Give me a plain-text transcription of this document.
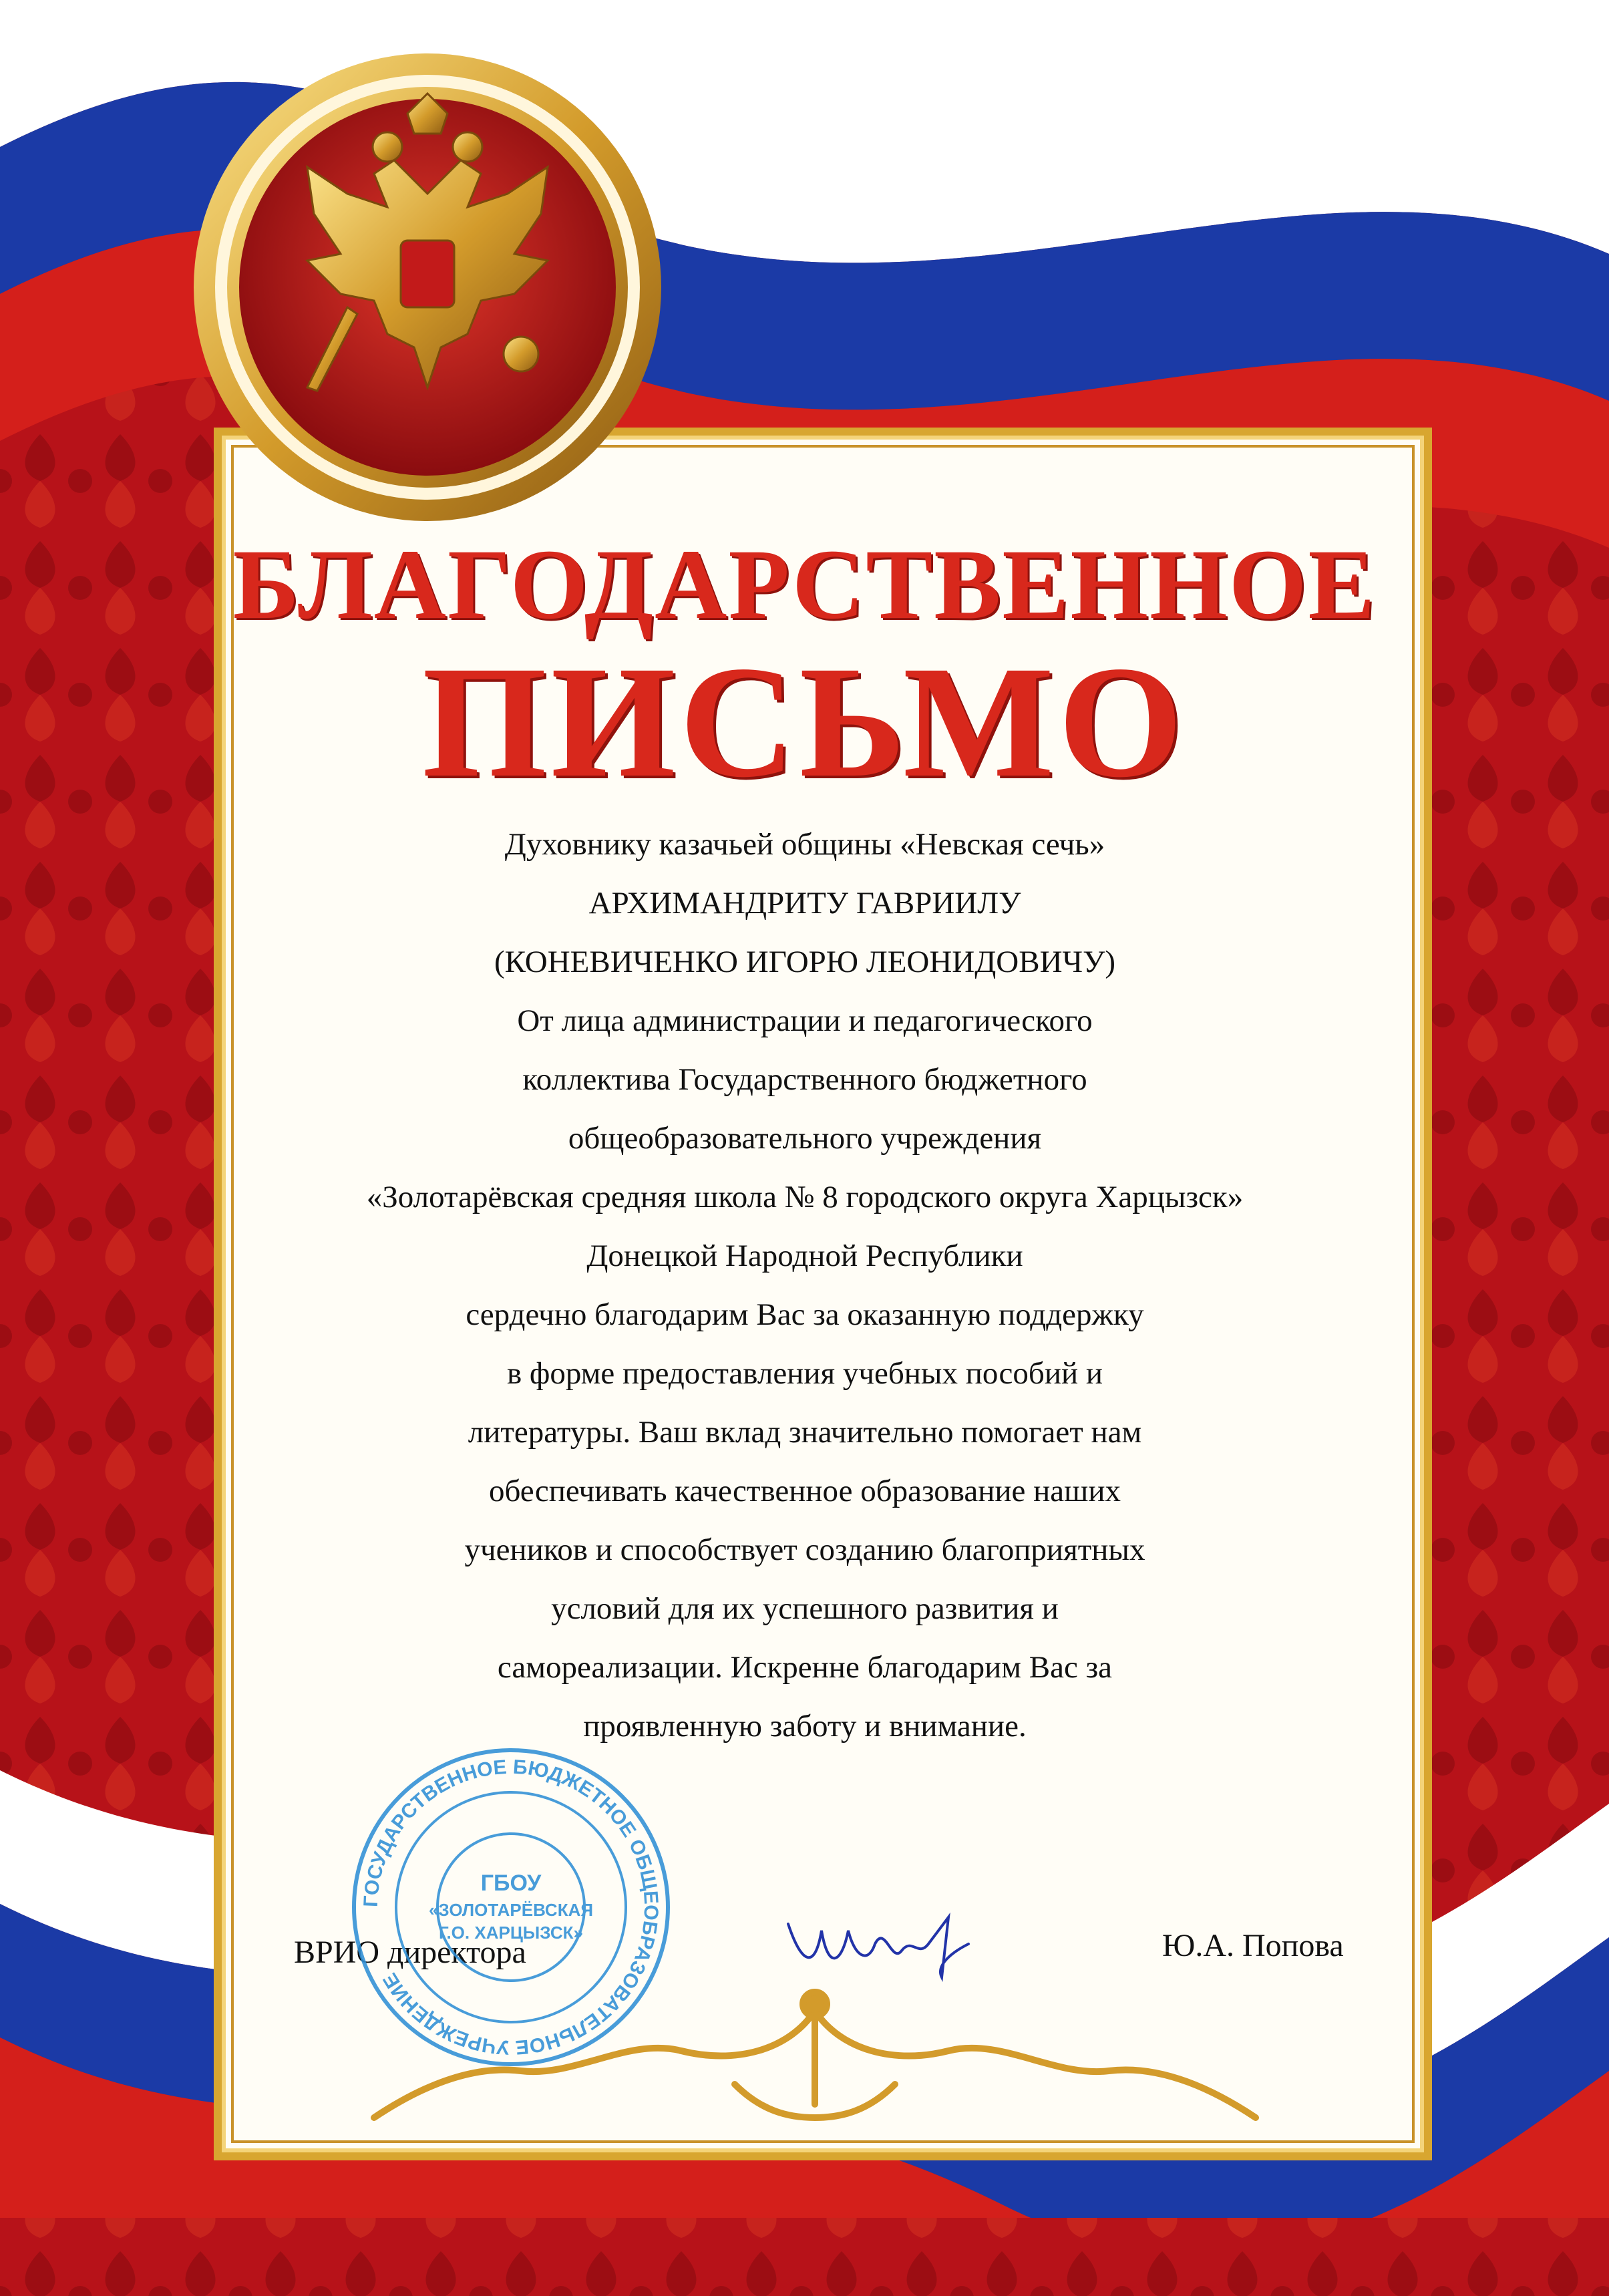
БЛАГОДАРСТВЕННОЕ
ПИСЬМО
Духовнику казачьей общины «Невская сечь»
АРХИМАНДРИТУ ГАВРИИЛУ
(КОНЕВИЧЕНКО ИГОРЮ ЛЕОНИДОВИЧУ)
От лица администрации и педагогического
коллектива Государственного бюджетного
общеобразовательного учреждения
«Золотарёвская средняя школа № 8 городского округа Харцызск»
Донецкой Народной Республики
сердечно благодарим Вас за оказанную поддержку
в форме предоставления учебных пособий и
литературы. Ваш вклад значительно помогает нам
обеспечивать качественное образование наших
учеников и способствует созданию благоприятных
условий для их успешного развития и
самореализации. Искренне благодарим Вас за
проявленную заботу и внимание.
ВРИО директора	Ю.А. Попова
ГОСУДАРСТВЕННОЕ БЮДЖЕТНОЕ ОБЩЕОБРАЗОВАТЕЛЬНОЕ УЧРЕЖДЕНИЕ
ГБОУ
«ЗОЛОТАРЁВСКАЯ
Г.О. ХАРЦЫЗСК»
